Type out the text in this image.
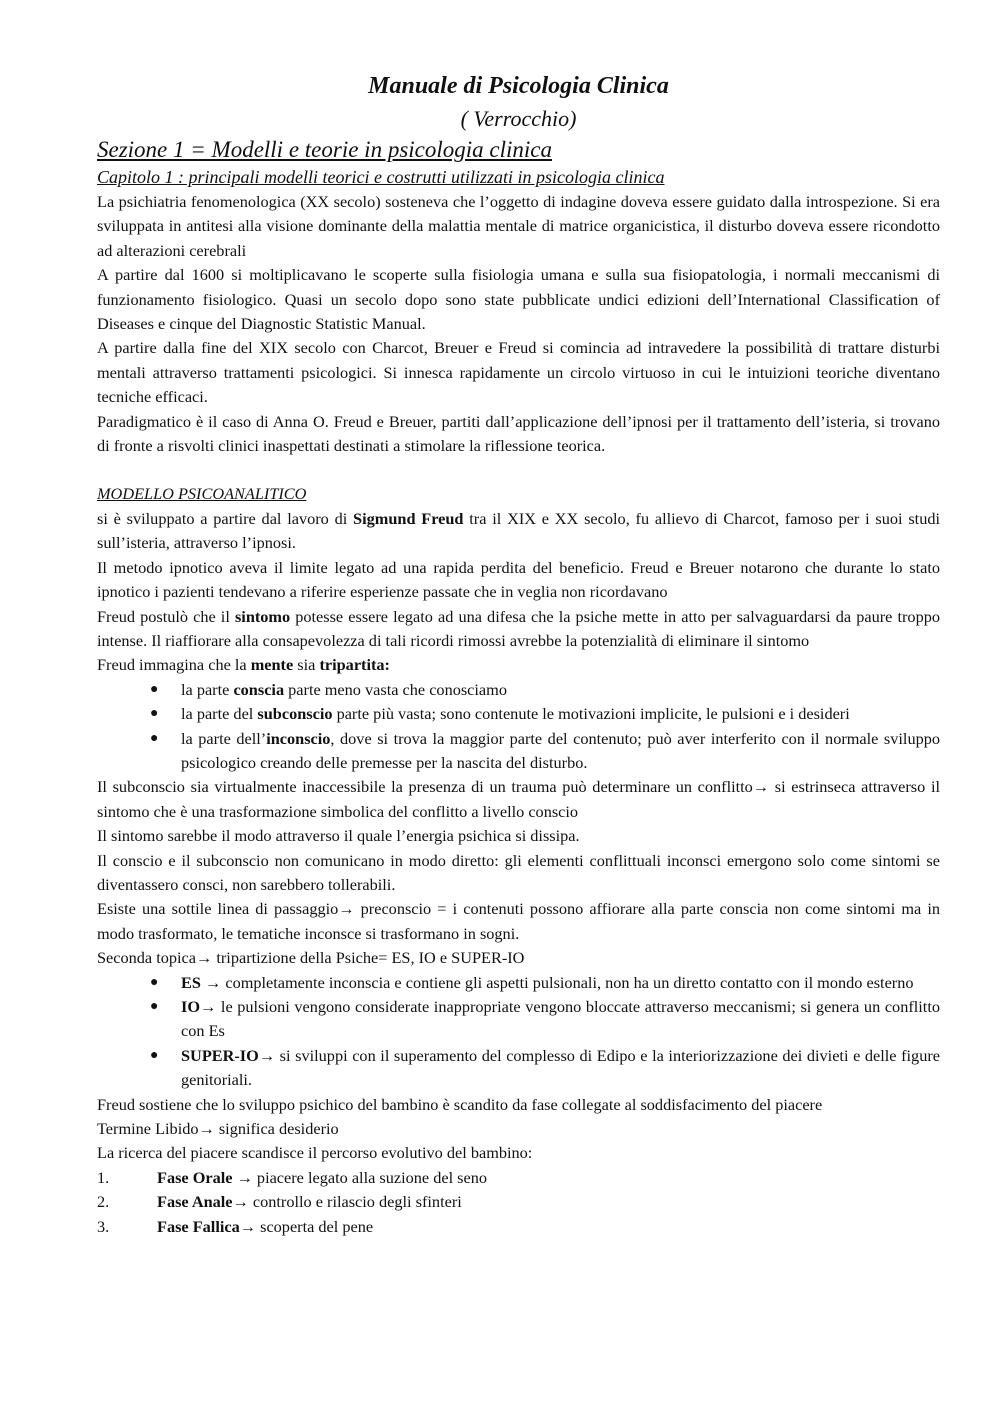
Manuale di Psicologia Clinica
( Verrocchio)
Sezione 1 = Modelli e teorie in psicologia clinica
Capitolo 1 : principali modelli teorici e costrutti utilizzati in psicologia clinica

La psichiatria fenomenologica (XX secolo) sosteneva che l’oggetto di indagine doveva essere guidato dalla introspezione. Si era sviluppata in antitesi alla visione dominante della malattia mentale di matrice organicistica, il disturbo doveva essere ricondotto ad alterazioni cerebrali

A partire dal 1600 si moltiplicavano le scoperte sulla fisiologia umana e sulla sua fisiopatologia, i normali meccanismi di funzionamento fisiologico. Quasi un secolo dopo sono state pubblicate undici edizioni dell’International Classification of Diseases e cinque del Diagnostic Statistic Manual.

A partire dalla fine del XIX secolo con Charcot, Breuer e Freud si comincia ad intravedere la possibilità di trattare disturbi mentali attraverso trattamenti psicologici. Si innesca rapidamente un circolo virtuoso in cui le intuizioni teoriche diventano tecniche efficaci.

Paradigmatico è il caso di Anna O. Freud e Breuer, partiti dall’applicazione dell’ipnosi per il trattamento dell’isteria, si trovano di fronte a risvolti clinici inaspettati destinati a stimolare la riflessione teorica.

MODELLO PSICOANALITICO

si è sviluppato a partire dal lavoro di Sigmund Freud tra il XIX e XX secolo, fu allievo di Charcot, famoso per i suoi studi sull’isteria, attraverso l’ipnosi.

Il metodo ipnotico aveva il limite legato ad una rapida perdita del beneficio. Freud e Breuer notarono che durante lo stato ipnotico i pazienti tendevano a riferire esperienze passate che in veglia non ricordavano

Freud postulò che il sintomo potesse essere legato ad una difesa che la psiche mette in atto per salvaguardarsi da paure troppo intense. Il riaffiorare alla consapevolezza di tali ricordi rimossi avrebbe la potenzialità di eliminare il sintomo

Freud immagina che la mente sia tripartita:

● la parte conscia parte meno vasta che conosciamo
● la parte del subconscio parte più vasta; sono contenute le motivazioni implicite, le pulsioni e i desideri
● la parte dell’inconscio, dove si trova la maggior parte del contenuto; può aver interferito con il normale sviluppo psicologico creando delle premesse per la nascita del disturbo.

Il subconscio sia virtualmente inaccessibile la presenza di un trauma può determinare un conflitto→ si estrinseca attraverso il sintomo che è una trasformazione simbolica del conflitto a livello conscio

Il sintomo sarebbe il modo attraverso il quale l’energia psichica si dissipa.

Il conscio e il subconscio non comunicano in modo diretto: gli elementi conflittuali inconsci emergono solo come sintomi se diventassero consci, non sarebbero tollerabili.

Esiste una sottile linea di passaggio→ preconscio = i contenuti possono affiorare alla parte conscia non come sintomi ma in modo trasformato, le tematiche inconsce si trasformano in sogni.

Seconda topica→ tripartizione della Psiche= ES, IO e SUPER-IO

● ES → completamente inconscia e contiene gli aspetti pulsionali, non ha un diretto contatto con il mondo esterno
● IO→ le pulsioni vengono considerate inappropriate vengono bloccate attraverso meccanismi; si genera un conflitto con Es
● SUPER-IO→ si sviluppi con il superamento del complesso di Edipo e la interiorizzazione dei divieti e delle figure genitoriali.

Freud sostiene che lo sviluppo psichico del bambino è scandito da fase collegate al soddisfacimento del piacere

Termine Libido→ significa desiderio

La ricerca del piacere scandisce il percorso evolutivo del bambino:

1.	Fase Orale → piacere legato alla suzione del seno
2.	Fase Anale→ controllo e rilascio degli sfinteri
3.	Fase Fallica→ scoperta del pene
